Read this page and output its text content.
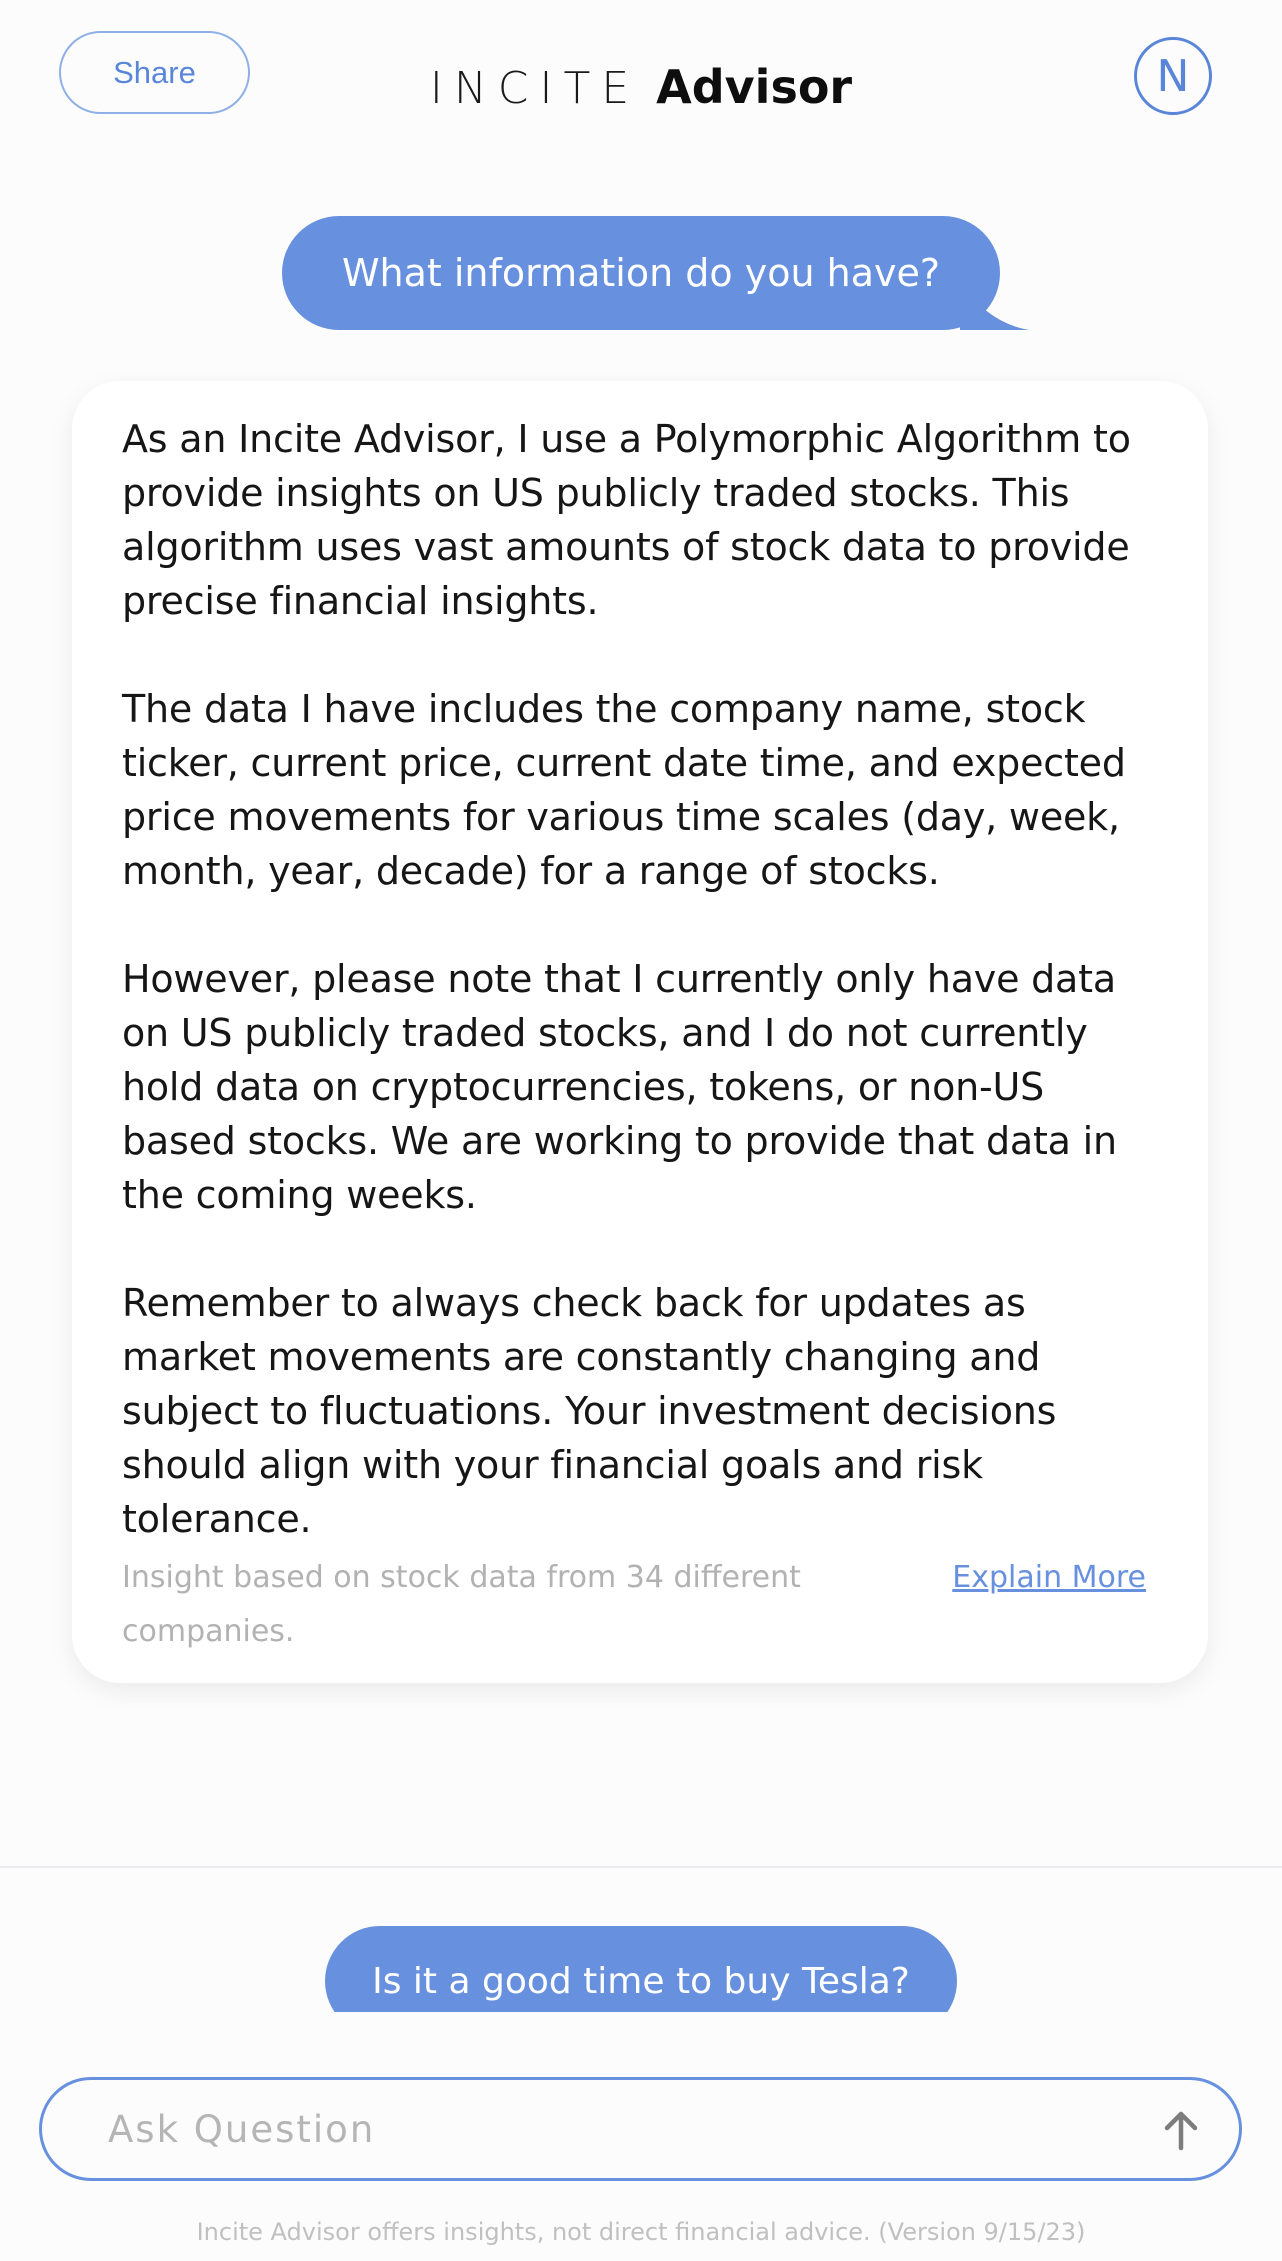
Share	INCITE Advisor	N
What information do you have?

As an Incite Advisor, I use a Polymorphic Algorithm to provide insights on US publicly traded stocks. This algorithm uses vast amounts of stock data to provide precise financial insights.

The data I have includes the company name, stock ticker, current price, current date time, and expected price movements for various time scales (day, week, month, year, decade) for a range of stocks.

However, please note that I currently only have data on US publicly traded stocks, and I do not currently hold data on cryptocurrencies, tokens, or non-US based stocks. We are working to provide that data in the coming weeks.

Remember to always check back for updates as market movements are constantly changing and subject to fluctuations. Your investment decisions should align with your financial goals and risk tolerance.

Insight based on stock data from 34 different companies.
Explain More
Is it a good time to buy Tesla?
Ask Question
Incite Advisor offers insights, not direct financial advice. (Version 9/15/23)
